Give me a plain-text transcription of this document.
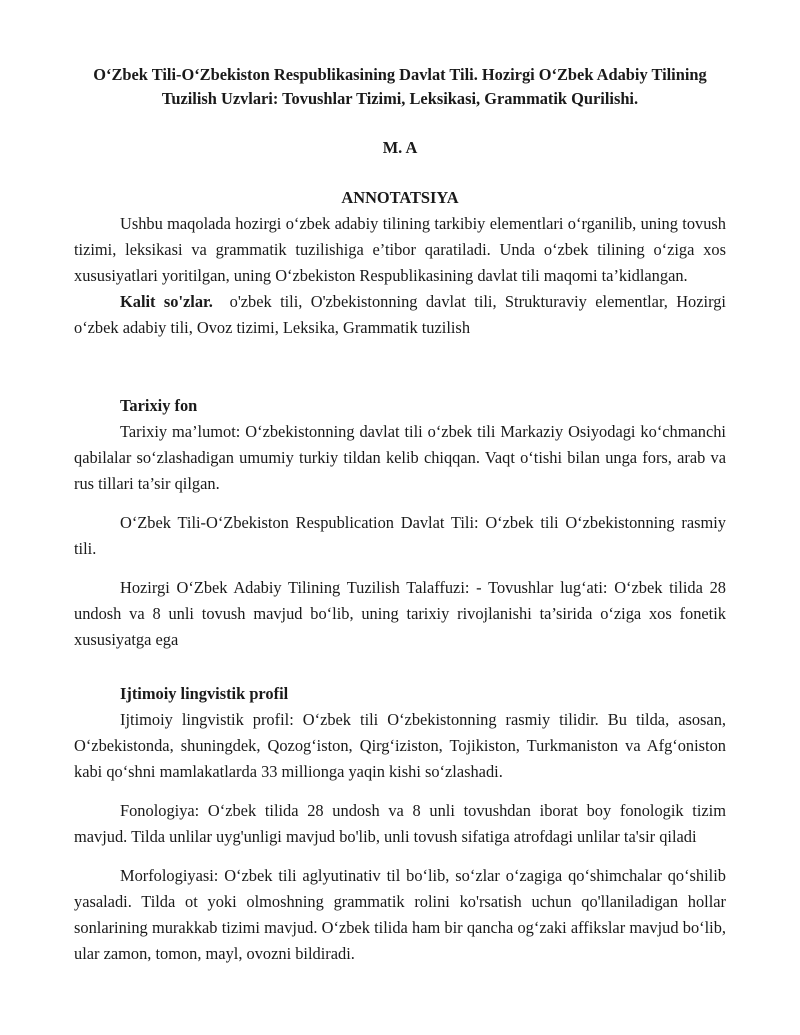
O‘Zbek Tili-O‘Zbekiston Respublikasining Davlat Tili. Hozirgi O‘Zbek Adabiy Tilining Tuzilish Uzvlari: Tovushlar Tizimi, Leksikasi, Grammatik Qurilishi.
M. A
ANNOTATSIYA

Ushbu maqolada hozirgi o‘zbek adabiy tilining tarkibiy elementlari o‘rganilib, uning tovush tizimi, leksikasi va grammatik tuzilishiga e’tibor qaratiladi. Unda o‘zbek tilining o‘ziga xos xususiyatlari yoritilgan, uning O‘zbekiston Respublikasining davlat tili maqomi ta’kidlangan.

Kalit so'zlar. o'zbek tili, O'zbekistonning davlat tili, Strukturaviy elementlar, Hozirgi o‘zbek adabiy tili, Ovoz tizimi, Leksika, Grammatik tuzilish

Tarixiy fon

Tarixiy ma’lumot: O‘zbekistonning davlat tili o‘zbek tili Markaziy Osiyodagi ko‘chmanchi qabilalar so‘zlashadigan umumiy turkiy tildan kelib chiqqan. Vaqt o‘tishi bilan unga fors, arab va rus tillari ta’sir qilgan.

O‘Zbek Tili-O‘Zbekiston Respublication Davlat Tili: O‘zbek tili O‘zbekistonning rasmiy tili.

Hozirgi O‘Zbek Adabiy Tilining Tuzilish Talaffuzi: - Tovushlar lug‘ati: O‘zbek tilida 28 undosh va 8 unli tovush mavjud bo‘lib, uning tarixiy rivojlanishi ta’sirida o‘ziga xos fonetik xususiyatga ega

Ijtimoiy lingvistik profil

Ijtimoiy lingvistik profil: O‘zbek tili O‘zbekistonning rasmiy tilidir. Bu tilda, asosan, O‘zbekistonda, shuningdek, Qozog‘iston, Qirg‘iziston, Tojikiston, Turkmaniston va Afg‘oniston kabi qo‘shni mamlakatlarda 33 millionga yaqin kishi so‘zlashadi.

Fonologiya: O‘zbek tilida 28 undosh va 8 unli tovushdan iborat boy fonologik tizim mavjud. Tilda unlilar uyg'unligi mavjud bo'lib, unli tovush sifatiga atrofdagi unlilar ta'sir qiladi

Morfologiyasi: O‘zbek tili aglyutinativ til bo‘lib, so‘zlar o‘zagiga qo‘shimchalar qo‘shilib yasaladi. Tilda ot yoki olmoshning grammatik rolini ko'rsatish uchun qo'llaniladigan hollar sonlarining murakkab tizimi mavjud. O‘zbek tilida ham bir qancha og‘zaki affikslar mavjud bo‘lib, ular zamon, tomon, mayl, ovozni bildiradi.
